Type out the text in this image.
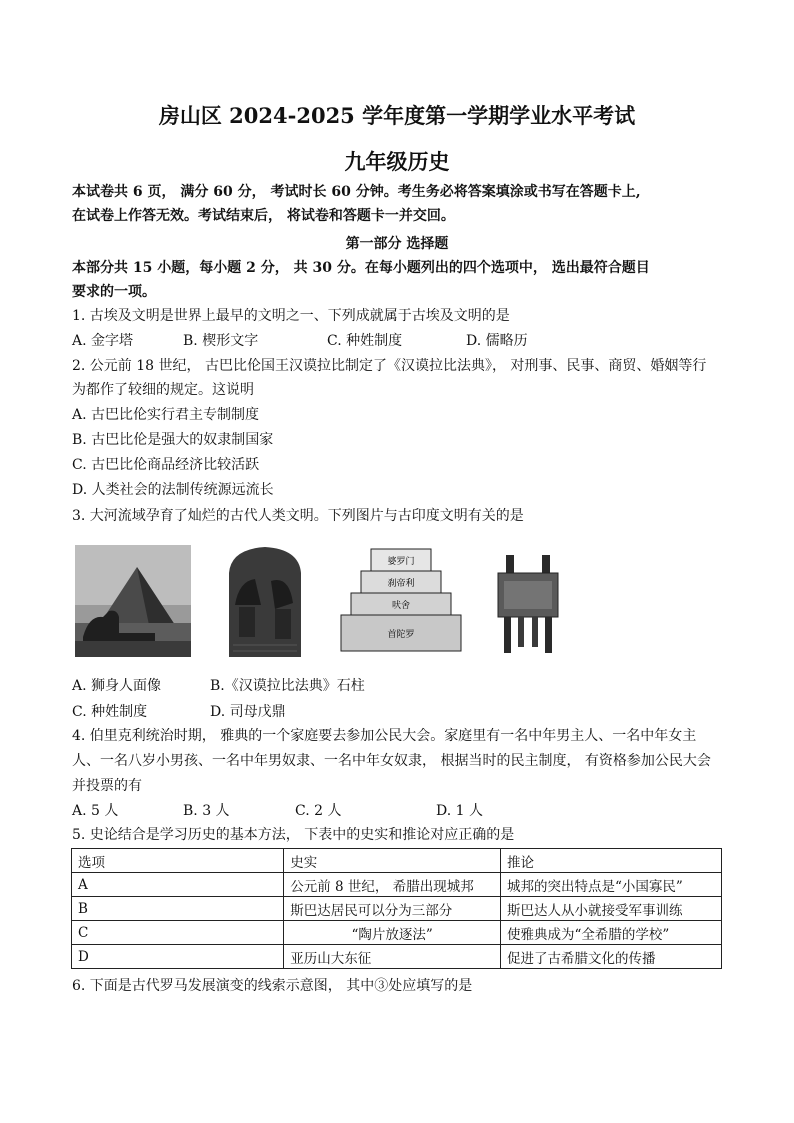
房山区 2024-2025 学年度第一学期学业水平考试
九年级历史
本试卷共 6 页， 满分 60 分， 考试时长 60 分钟。考生务必将答案填涂或书写在答题卡上,
在试卷上作答无效。考试结束后， 将试卷和答题卡一并交回。
第一部分 选择题
本部分共 15 小题，每小题 2 分， 共 30 分。在每小题列出的四个选项中， 选出最符合题目
要求的一项。
1. 古埃及文明是世界上最早的文明之一、下列成就属于古埃及文明的是
A. 金字塔	B. 楔形文字	C. 种姓制度	D. 儒略历
2. 公元前 18 世纪， 古巴比伦国王汉谟拉比制定了《汉谟拉比法典》， 对刑事、民事、商贸、婚姻等行
为都作了较细的规定。这说明
A. 古巴比伦实行君主专制制度
B. 古巴比伦是强大的奴隶制国家
C. 古巴比伦商品经济比较活跃
D. 人类社会的法制传统源远流长
3. 大河流域孕育了灿烂的古代人类文明。下列图片与古印度文明有关的是
婆罗门
刹帝利
吠舍
首陀罗
A. 狮身人面像	B.《汉谟拉比法典》石柱
C. 种姓制度	D. 司母戊鼎
4. 伯里克利统治时期， 雅典的一个家庭要去参加公民大会。家庭里有一名中年男主人、一名中年女主
人、一名八岁小男孩、一名中年男奴隶、一名中年女奴隶， 根据当时的民主制度， 有资格参加公民大会
并投票的有
A. 5 人	B. 3 人	C. 2 人	D. 1 人
5. 史论结合是学习历史的基本方法， 下表中的史实和推论对应正确的是
选项	史实	推论
A	公元前 8 世纪， 希腊出现城邦	城邦的突出特点是“小国寡民”
B	斯巴达居民可以分为三部分	斯巴达人从小就接受军事训练
C	“陶片放逐法”	使雅典成为“全希腊的学校”
D	亚历山大东征	促进了古希腊文化的传播
6. 下面是古代罗马发展演变的线索示意图， 其中③处应填写的是
